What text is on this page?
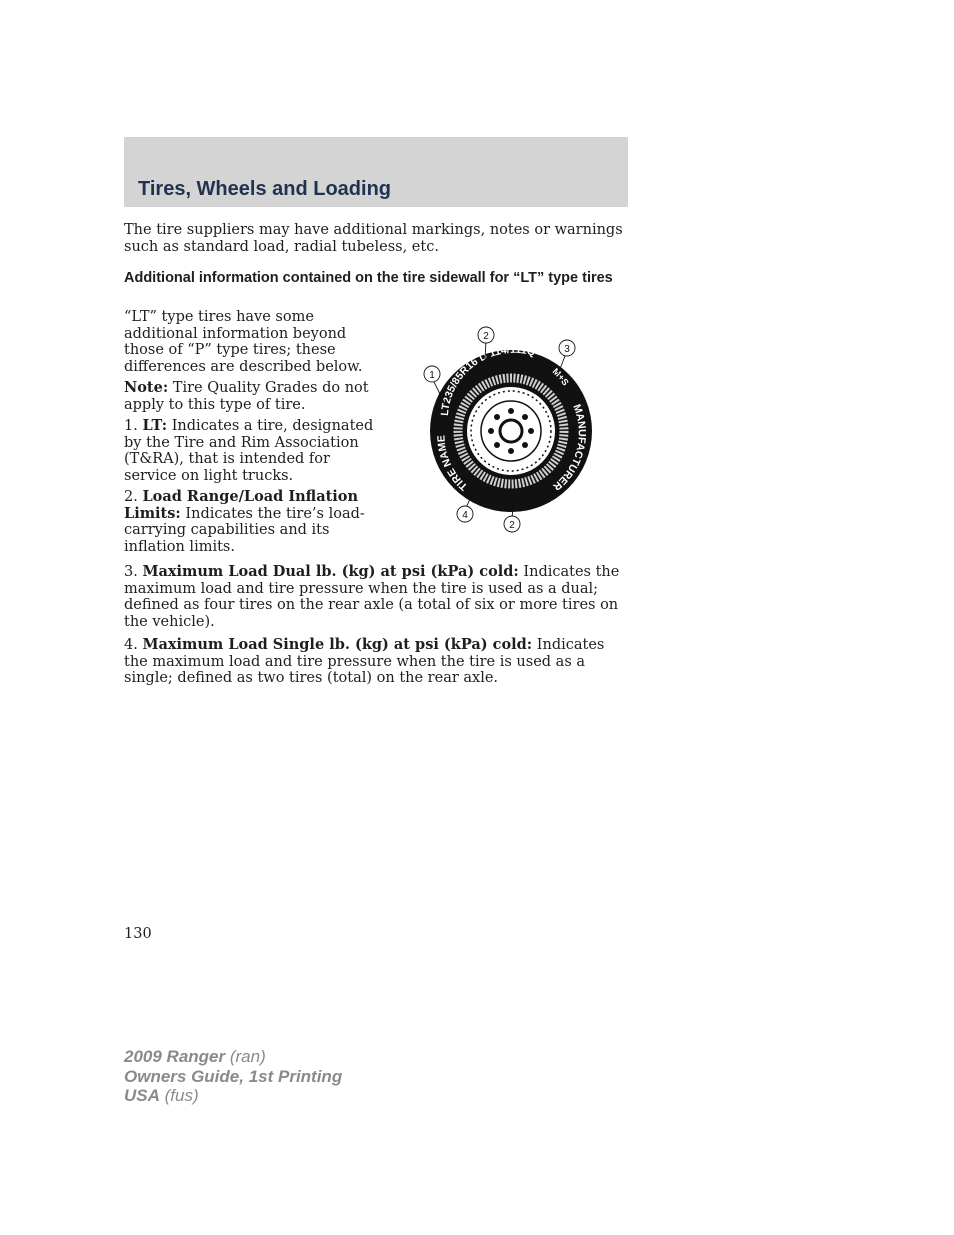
Tires, Wheels and Loading

The tire suppliers may have additional markings, notes or warnings such as standard load, radial tubeless, etc.

Additional information contained on the tire sidewall for “LT” type tires

“LT” type tires have some additional information beyond those of “P” type tires; these differences are described below.

Note: Tire Quality Grades do not apply to this type of tire.

1. LT: Indicates a tire, designated by the Tire and Rim Association (T&RA), that is intended for service on light trucks.

2. Load Range/Load Inflation Limits: Indicates the tire’s load-carrying capabilities and its inflation limits.

LT235/85R16 D 114/111Q
M+S
MANUFACTURER
TIRE NAME
1
2
3
4
2

3. Maximum Load Dual lb. (kg) at psi (kPa) cold: Indicates the maximum load and tire pressure when the tire is used as a dual; defined as four tires on the rear axle (a total of six or more tires on the vehicle).

4. Maximum Load Single lb. (kg) at psi (kPa) cold: Indicates the maximum load and tire pressure when the tire is used as a single; defined as two tires (total) on the rear axle.

130

2009 Ranger (ran)
Owners Guide, 1st Printing
USA (fus)
